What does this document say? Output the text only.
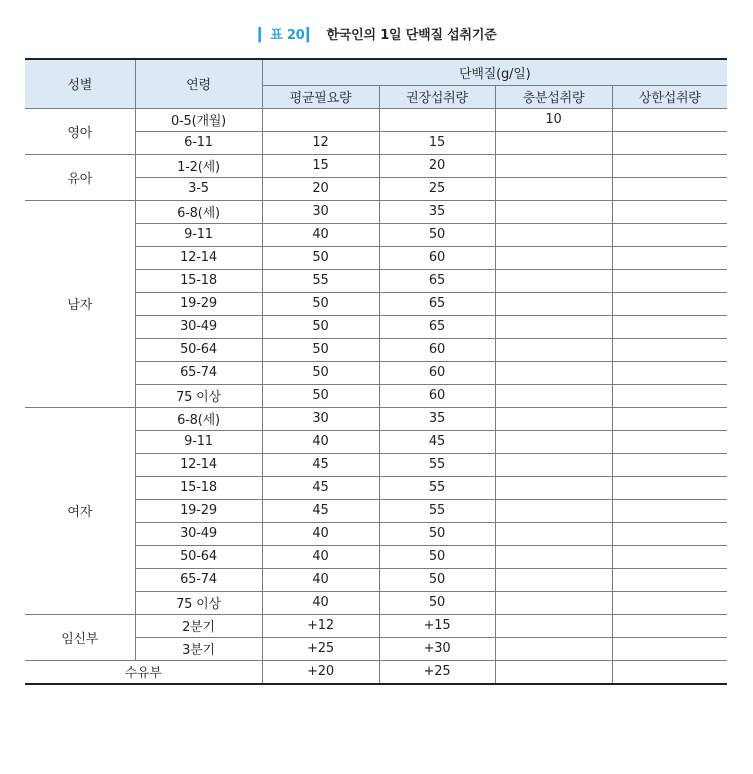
▎ 표 20 ▎ 한국인의 1일 단백질 섭취기준
성별	연령	단백질(g/일)			
		평균필요량	권장섭취량	충분섭취량	상한섭취량
영아	0-5(개월)			10	
	6-11	12	15		
유아	1-2(세)	15	20		
	3-5	20	25		
남자	6-8(세)	30	35		
	9-11	40	50		
	12-14	50	60		
	15-18	55	65		
	19-29	50	65		
	30-49	50	65		
	50-64	50	60		
	65-74	50	60		
	75 이상	50	60		
여자	6-8(세)	30	35		
	9-11	40	45		
	12-14	45	55		
	15-18	45	55		
	19-29	45	55		
	30-49	40	50		
	50-64	40	50		
	65-74	40	50		
	75 이상	40	50		
임신부	2분기	+12	+15		
	3분기	+25	+30		
수유부		+20	+25		
